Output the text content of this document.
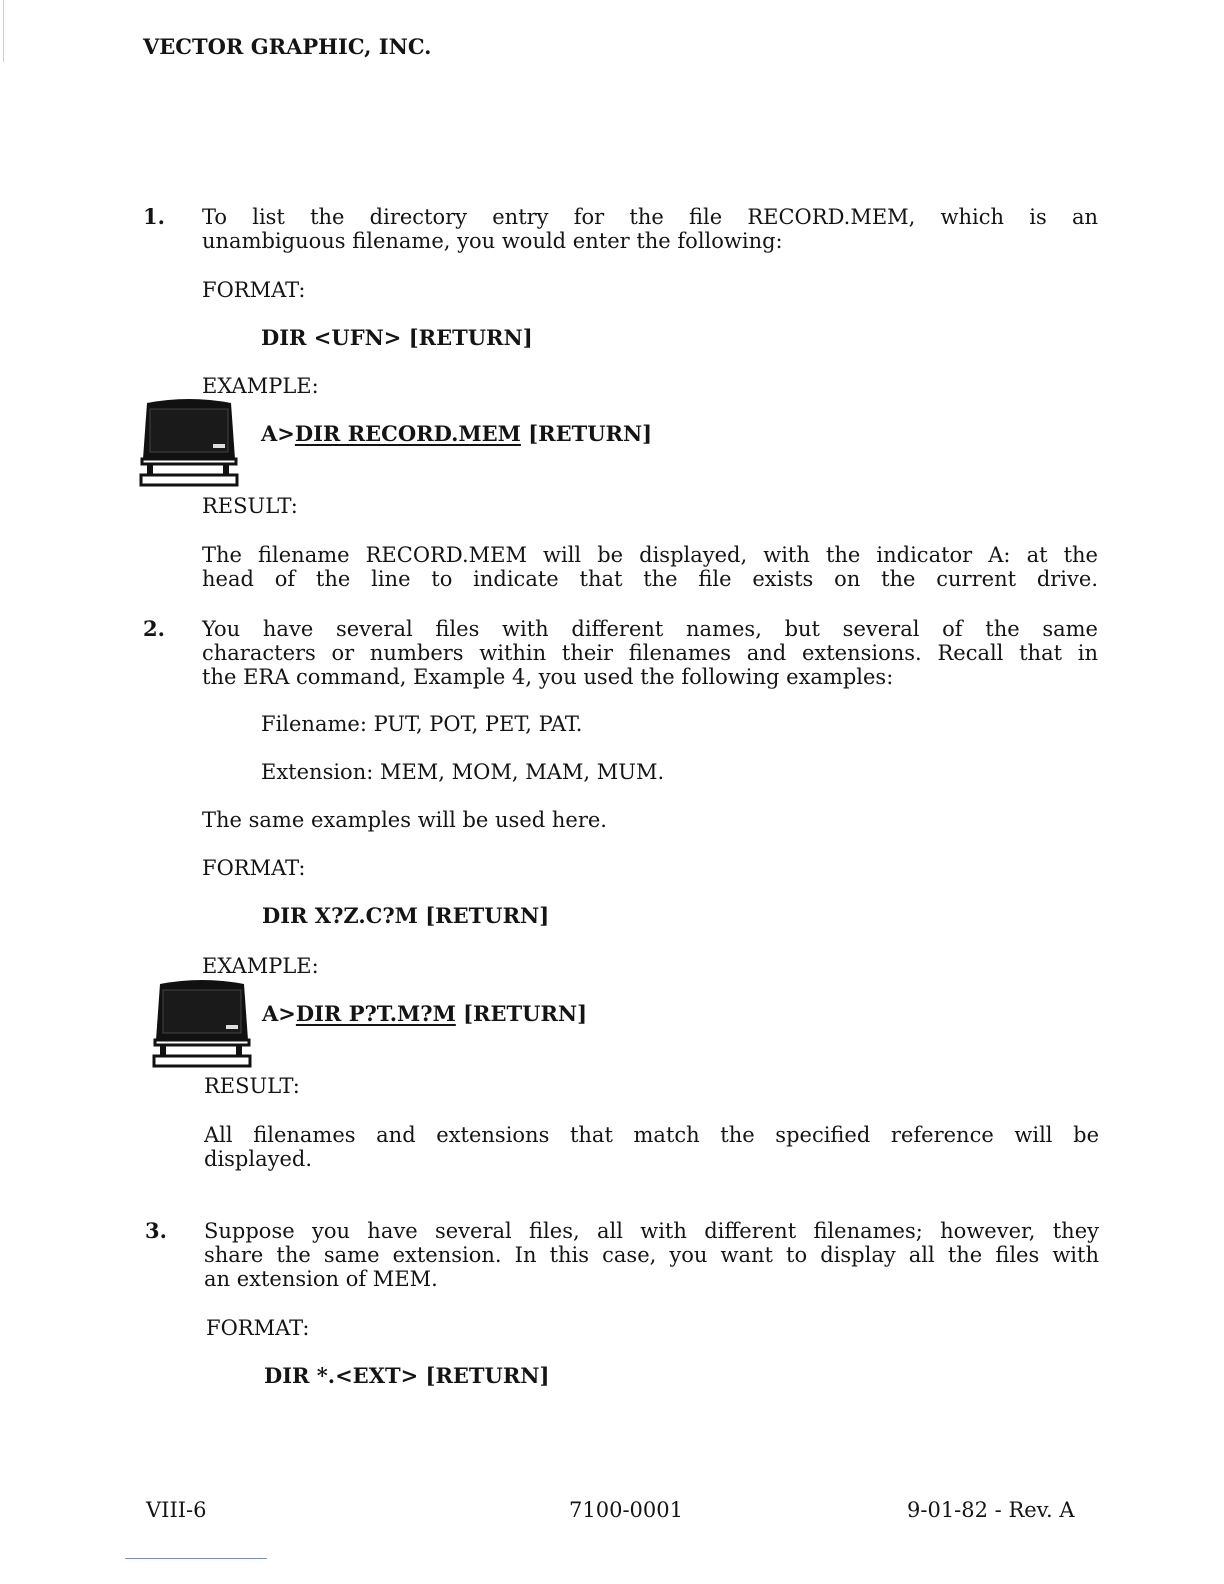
VECTOR GRAPHIC, INC.
1. To list the directory entry for the file RECORD.MEM, which is an
unambiguous filename, you would enter the following:
FORMAT:
DIR <UFN> [RETURN]
EXAMPLE:
A>DIR RECORD.MEM [RETURN]
RESULT:
The filename RECORD.MEM will be displayed, with the indicator A: at the
head of the line to indicate that the file exists on the current drive.
2. You have several files with different names, but several of the same
characters or numbers within their filenames and extensions. Recall that in
the ERA command, Example 4, you used the following examples:
Filename: PUT, POT, PET, PAT.
Extension: MEM, MOM, MAM, MUM.
The same examples will be used here.
FORMAT:
DIR X?Z.C?M [RETURN]
EXAMPLE:
A>DIR P?T.M?M [RETURN]
RESULT:
All filenames and extensions that match the specified reference will be
displayed.
3. Suppose you have several files, all with different filenames; however, they
share the same extension. In this case, you want to display all the files with
an extension of MEM.
FORMAT:
DIR *.<EXT> [RETURN]
VIII-6	7100-0001	9-01-82 - Rev. A
